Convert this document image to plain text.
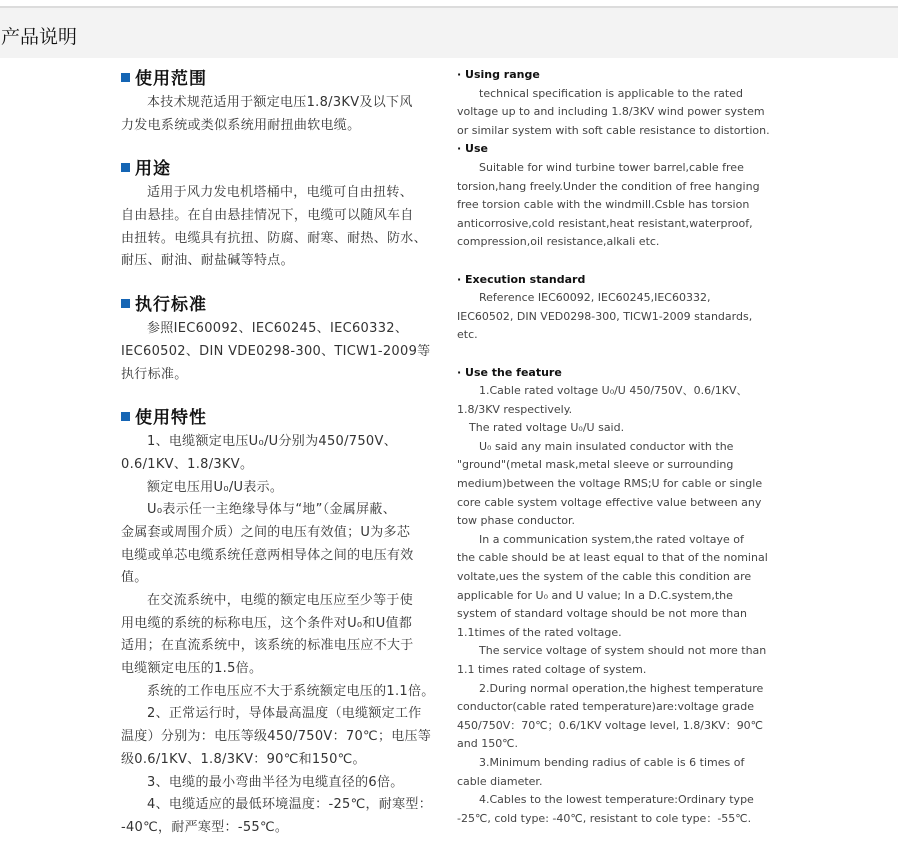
产品说明
使用范围
本技术规范适用于额定电压1.8/3KV及以下风
力发电系统或类似系统用耐扭曲软电缆。
用途
适用于风力发电机塔桶中，电缆可自由扭转、
自由悬挂。在自由悬挂情况下，电缆可以随风车自
由扭转。电缆具有抗扭、防腐、耐寒、耐热、防水、
耐压、耐油、耐盐碱等特点。
执行标准
参照IEC60092、IEC60245、IEC60332、
IEC60502、DIN VDE0298-300、TICW1-2009等
执行标准。
使用特性
1、电缆额定电压U₀/U分别为450/750V、
0.6/1KV、1.8/3KV。
额定电压用U₀/U表示。
U₀表示任一主绝缘导体与“地”（金属屏蔽、
金属套或周围介质）之间的电压有效值；U为多芯
电缆或单芯电缆系统任意两相导体之间的电压有效
值。
在交流系统中，电缆的额定电压应至少等于使
用电缆的系统的标称电压，这个条件对U₀和U值都
适用；在直流系统中，该系统的标准电压应不大于
电缆额定电压的1.5倍。
系统的工作电压应不大于系统额定电压的1.1倍。
2、正常运行时，导体最高温度（电缆额定工作
温度）分别为：电压等级450/750V：70℃；电压等
级0.6/1KV、1.8/3KV：90℃和150℃。
3、电缆的最小弯曲半径为电缆直径的6倍。
4、电缆适应的最低环境温度：-25℃，耐寒型：
-40℃，耐严寒型：-55℃。
· Using range
technical specification is applicable to the rated
voltage up to and including 1.8/3KV wind power system
or similar system with soft cable resistance to distortion.
· Use
Suitable for wind turbine tower barrel,cable free
torsion,hang freely.Under the condition of free hanging
free torsion cable with the windmill.Csble has torsion
anticorrosive,cold resistant,heat resistant,waterproof,
compression,oil resistance,alkali etc.
· Execution standard
Reference IEC60092, IEC60245,IEC60332,
IEC60502, DIN VED0298-300, TICW1-2009 standards,
etc.
· Use the feature
1.Cable rated voltage U₀/U 450/750V、0.6/1KV、
1.8/3KV respectively.
The rated voltage U₀/U said.
U₀ said any main insulated conductor with the
"ground"(metal mask,metal sleeve or surrounding
medium)between the voltage RMS;U for cable or single
core cable system voltage effective value between any
tow phase conductor.
In a communication system,the rated voltaye of
the cable should be at least equal to that of the nominal
voltate,ues the system of the cable this condition are
applicable for U₀ and U value; In a D.C.system,the
system of standard voltage should be not more than
1.1times of the rated voltage.
The service voltage of system should not more than
1.1 times rated coltage of system.
2.During normal operation,the highest temperature
conductor(cable rated temperature)are:voltage grade
450/750V：70℃；0.6/1KV voltage level, 1.8/3KV：90℃
and 150℃.
3.Minimum bending radius of cable is 6 times of
cable diameter.
4.Cables to the lowest temperature:Ordinary type
-25℃, cold type: -40℃, resistant to cole type：-55℃.
